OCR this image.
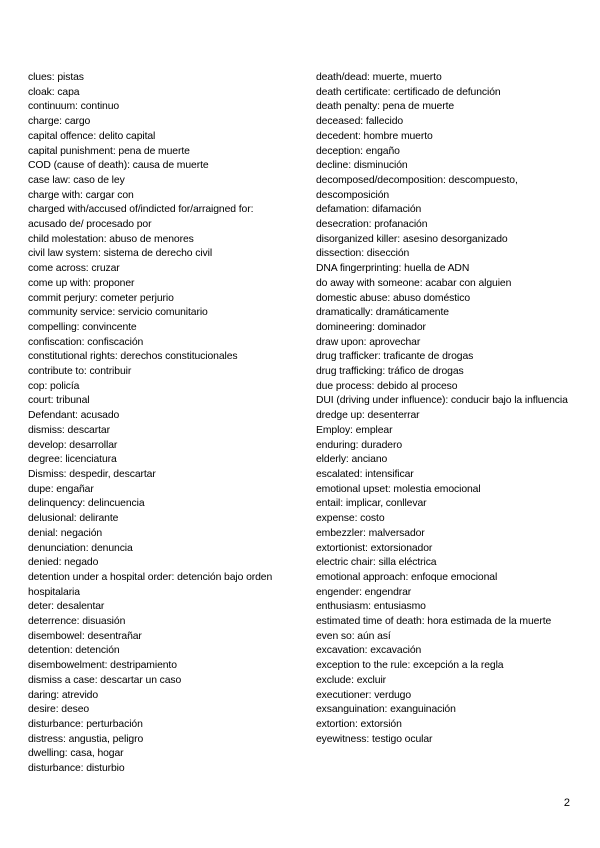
clues: pistas

cloak: capa

continuum: continuo

charge: cargo

capital offence: delito capital

capital punishment: pena de muerte

COD (cause of death): causa de muerte

case law: caso de ley

charge with: cargar con

charged with/accused of/indicted for/arraigned for: acusado de/ procesado por

child molestation: abuso de menores

civil law system: sistema de derecho civil

come across: cruzar

come up with: proponer

commit perjury: cometer perjurio

community service: servicio comunitario

compelling: convincente

confiscation: confiscación

constitutional rights: derechos constitucionales

contribute to: contribuir

cop: policía

court: tribunal

Defendant: acusado

dismiss: descartar

develop: desarrollar

degree: licenciatura

Dismiss: despedir, descartar

dupe: engañar

delinquency: delincuencia

delusional: delirante

denial: negación

denunciation: denuncia

denied: negado

detention under a hospital order: detención bajo orden hospitalaria

deter: desalentar

deterrence: disuasión

disembowel: desentrañar

detention: detención

disembowelment: destripamiento

dismiss a case: descartar un caso

daring: atrevido

desire: deseo

disturbance: perturbación

distress: angustia, peligro

dwelling: casa, hogar

disturbance: disturbio

death/dead: muerte, muerto

death certificate: certificado de defunción

death penalty: pena de muerte

deceased: fallecido

decedent: hombre muerto

deception: engaño

decline: disminución

decomposed/decomposition: descompuesto, descomposición

defamation: difamación

desecration: profanación

disorganized killer: asesino desorganizado

dissection: disección

DNA fingerprinting: huella de ADN

do away with someone: acabar con alguien

domestic abuse: abuso doméstico

dramatically: dramáticamente

domineering: dominador

draw upon: aprovechar

drug trafficker: traficante de drogas

drug trafficking: tráfico de drogas

due process: debido al proceso

DUI (driving under influence): conducir bajo la influencia

dredge up: desenterrar

Employ: emplear

enduring: duradero

elderly: anciano

escalated: intensificar

emotional upset: molestia emocional

entail: implicar, conllevar

expense: costo

embezzler: malversador

extortionist: extorsionador

electric chair: silla eléctrica

emotional approach: enfoque emocional

engender: engendrar

enthusiasm: entusiasmo

estimated time of death: hora estimada de la muerte

even so: aún así

excavation: excavación

exception to the rule: excepción a la regla

exclude: excluir

executioner: verdugo

exsanguination: exanguinación

extortion: extorsión

eyewitness: testigo ocular

2
